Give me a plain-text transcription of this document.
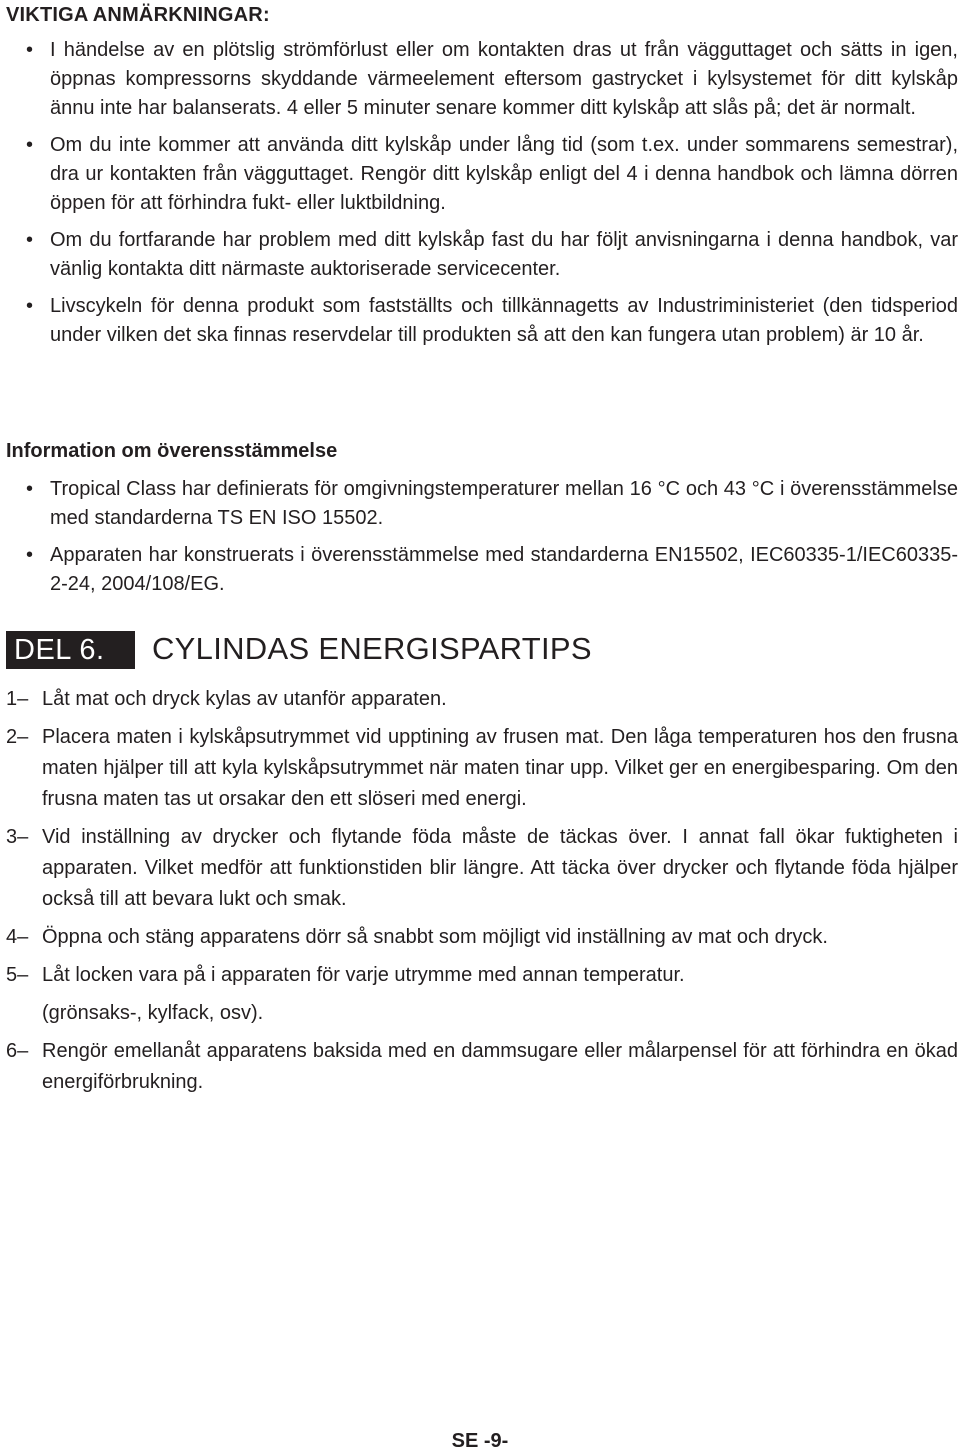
VIKTIGA ANMÄRKNINGAR:
• I händelse av en plötslig strömförlust eller om kontakten dras ut från vägguttaget och sätts in igen, öppnas kompressorns skyddande värmeelement eftersom gastrycket i kylsystemet för ditt kylskåp ännu inte har balanserats. 4 eller 5 minuter senare kommer ditt kylskåp att slås på; det är normalt.
• Om du inte kommer att använda ditt kylskåp under lång tid (som t.ex. under sommarens semestrar), dra ur kontakten från vägguttaget. Rengör ditt kylskåp enligt del 4 i denna handbok och lämna dörren öppen för att förhindra fukt- eller luktbildning.
• Om du fortfarande har problem med ditt kylskåp fast du har följt anvisningarna i denna handbok, var vänlig kontakta ditt närmaste auktoriserade servicecenter.
• Livscykeln för denna produkt som fastställts och tillkännagetts av Industriministeriet (den tidsperiod under vilken det ska finnas reservdelar till produkten så att den kan fungera utan problem) är 10 år.
Information om överensstämmelse
• Tropical Class har definierats för omgivningstemperaturer mellan 16 °C och 43 °C i överensstämmelse med standarderna TS EN ISO 15502.
• Apparaten har konstruerats i överensstämmelse med standarderna EN15502, IEC60335-1/IEC60335-2-24, 2004/108/EG.
DEL 6.	CYLINDAS ENERGISPARTIPS
1– Låt mat och dryck kylas av utanför apparaten.
2– Placera maten i kylskåpsutrymmet vid upptining av frusen mat. Den låga temperaturen hos den frusna maten hjälper till att kyla kylskåpsutrymmet när maten tinar upp. Vilket ger en energibesparing. Om den frusna maten tas ut orsakar den ett slöseri med energi.
3– Vid inställning av drycker och flytande föda måste de täckas över. I annat fall ökar fuktigheten i apparaten. Vilket medför att funktionstiden blir längre. Att täcka över drycker och flytande föda hjälper också till att bevara lukt och smak.
4– Öppna och stäng apparatens dörr så snabbt som möjligt vid inställning av mat och dryck.
5– Låt locken vara på i apparaten för varje utrymme med annan temperatur.
(grönsaks-, kylfack, osv).
6– Rengör emellanåt apparatens baksida med en dammsugare eller målarpensel för att förhindra en ökad energiförbrukning.
SE -9-
